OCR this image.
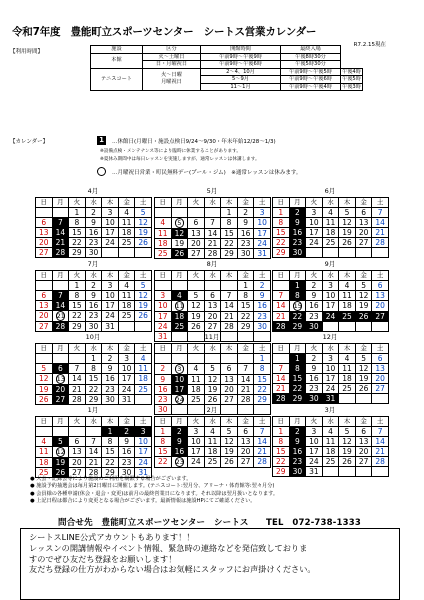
令和7年度　豊能町立スポーツセンター　シートス営業カレンダー
R7.2.15現在
【利用時間】	施設	区分	開館時間	最終入場	
本館	火～土曜日	午前9時～午後9時	午後8時30分	
	日・月曜祝日	午前9時～午後6時	午後5時30分	
テニスコート	火～日曜
月曜祝日	2～4、10月	午前9時～午後5時	午後4時
		5～9月	午前9時～午後6時	午後5時
		11～1月	午前9時～午後4時	午後3時
【カレンダー】	1	…休館日(月曜日・施設点検日9/24～9/30・年末年始12/28～1/3)
※設備点検・メンテナンス等により臨時に休業することがあります。
※夏休み期間中は毎日レッスンを実施しますが、通常レッスンは休講します。
…月曜祝日営業・町民無料デー(プール・ジム)　※通常レッスンは休みます。
4月
日	月	火	水	木	金	土
		1	2	3	4	5
6	7	8	9	10	11	12
13	14	15	16	17	18	19
20	21	22	23	24	25	26
27	28	29	30			
5月
日	月	火	水	木	金	土
				1	2	3
4	5	6	7	8	9	10
11	12	13	14	15	16	17
18	19	20	21	22	23	24
25	26	27	28	29	30	31
6月
日	月	火	水	木	金	土
1	2	3	4	5	6	7
8	9	10	11	12	13	14
15	16	17	18	19	20	21
22	23	24	25	26	27	28
29	30					
7月
日	月	火	水	木	金	土
		1	2	3	4	5
6	7	8	9	10	11	12
13	14	15	16	17	18	19
20	21	22	23	24	25	26
27	28	29	30	31		
8月
日	月	火	水	木	金	土
					1	2
3	4	5	6	7	8	9
10	11	12	13	14	15	16
17	18	19	20	21	22	23
24	25	26	27	28	29	30
31						
9月
日	月	火	水	木	金	土
	1	2	3	4	5	6
7	8	9	10	11	12	13
14	15	16	17	18	19	20
21	22	23	24	25	26	27
28	29	30				
10月
日	月	火	水	木	金	土
			1	2	3	4
5	6	7	8	9	10	11
12	13	14	15	16	17	18
19	20	21	22	23	24	25
26	27	28	29	30	31	
11月
日	月	火	水	木	金	土
						1
2	3	4	5	6	7	8
9	10	11	12	13	14	15
16	17	18	19	20	21	22
23	24	25	26	27	28	29
30						
12月
日	月	火	水	木	金	土
	1	2	3	4	5	6
7	8	9	10	11	12	13
14	15	16	17	18	19	20
21	22	23	24	25	26	27
28	29	30	31			
1月
日	月	火	水	木	金	土
				1	2	3
4	5	6	7	8	9	10
11	12	13	14	15	16	17
18	19	20	21	22	23	24
25	26	27	28	29	30	31
2月
日	月	火	水	木	金	土
1	2	3	4	5	6	7
8	9	10	11	12	13	14
15	16	17	18	19	20	21
22	23	24	25	26	27	28
3月
日	月	火	水	木	金	土
1	2	3	4	5	6	7
8	9	10	11	12	13	14
15	16	17	18	19	20	21
22	23	24	25	26	27	28
29	30	31				
● 大会・記録会等により施設のご利用を制限する場合がございます。
● 施設予約抽選会は毎月第2日曜日に開催します。(テニスコート:翌月分、アリーナ・体育館等:翌々月分)
● 会員様の各種申請(休会・退会・変更)は前月の最終営業日になります。それ以降は翌月扱いとなります。
● 上記日程は都合により変更となる場合がございます。最新情報は施設HPにてご確認ください。
問合せ先　豊能町立スポーツセンター　シートス　　TEL　072-738-1333
シートスLINE公式アカウントもあります！！
レッスンの開講情報やイベント情報、緊急時の連絡などを発信致しておりま
すのでぜひ友だち登録をお願いします！
友だち登録の仕方がわからない場合はお気軽にスタッフにお声掛けください。
